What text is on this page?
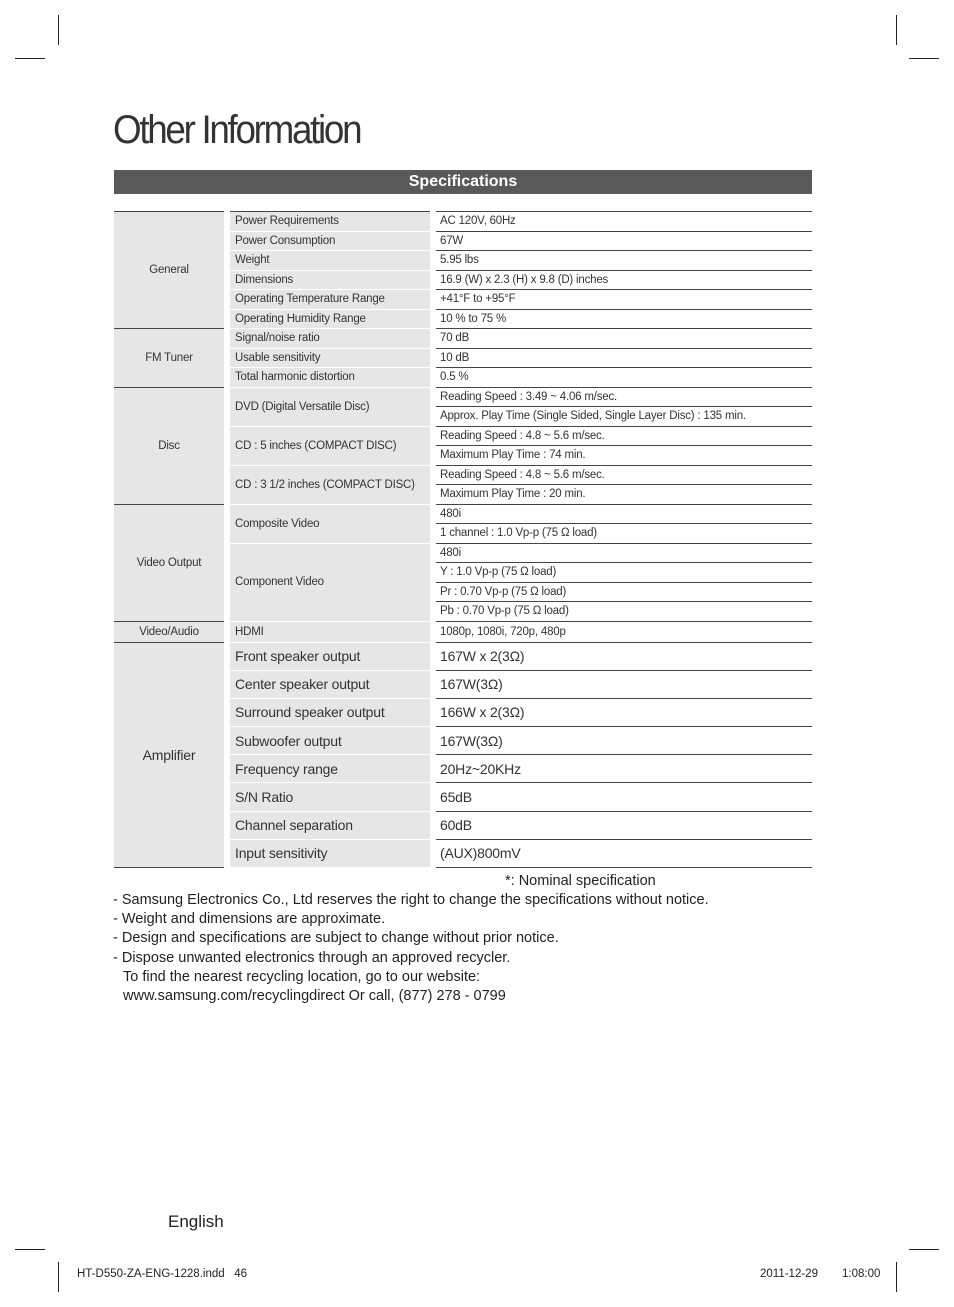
Other Information
Specifications
General	Power Requirements	AC 120V, 60Hz
	Power Consumption	67W
	Weight	5.95 lbs
	Dimensions	16.9 (W) x 2.3 (H) x 9.8 (D) inches
	Operating Temperature Range	+41°F to +95°F
	Operating Humidity Range	10 % to 75 %
FM Tuner	Signal/noise ratio	70 dB
	Usable sensitivity	10 dB
	Total harmonic distortion	0.5 %
Disc	DVD (Digital Versatile Disc)	Reading Speed : 3.49 ~ 4.06 m/sec.
		Approx. Play Time (Single Sided, Single Layer Disc) : 135 min.
	CD : 5 inches (COMPACT DISC)	Reading Speed : 4.8 ~ 5.6 m/sec.
		Maximum Play Time : 74 min.
	CD : 3 1/2 inches (COMPACT DISC)	Reading Speed : 4.8 ~ 5.6 m/sec.
		Maximum Play Time : 20 min.
Video Output	Composite Video	480i
		1 channel : 1.0 Vp-p (75 Ω load)
	Component Video	480i
		Y : 1.0 Vp-p (75 Ω load)
		Pr : 0.70 Vp-p (75 Ω load)
		Pb : 0.70 Vp-p (75 Ω load)
Video/Audio	HDMI	1080p, 1080i, 720p, 480p
Amplifier	Front speaker output	167W x 2(3Ω)
	Center speaker output	167W(3Ω)
	Surround speaker output	166W x 2(3Ω)
	Subwoofer output	167W(3Ω)
	Frequency range	20Hz~20KHz
	S/N Ratio	65dB
	Channel separation	60dB
	Input sensitivity	(AUX)800mV
*: Nominal specification
- Samsung Electronics Co., Ltd reserves the right to change the specifications without notice.
- Weight and dimensions are approximate.
- Design and specifications are subject to change without prior notice.
- Dispose unwanted electronics through an approved recycler.
To find the nearest recycling location, go to our website:
www.samsung.com/recyclingdirect Or call, (877) 278 - 0799
English
HT-D550-ZA-ENG-1228.indd   46	2011-12-29 1:08:00
